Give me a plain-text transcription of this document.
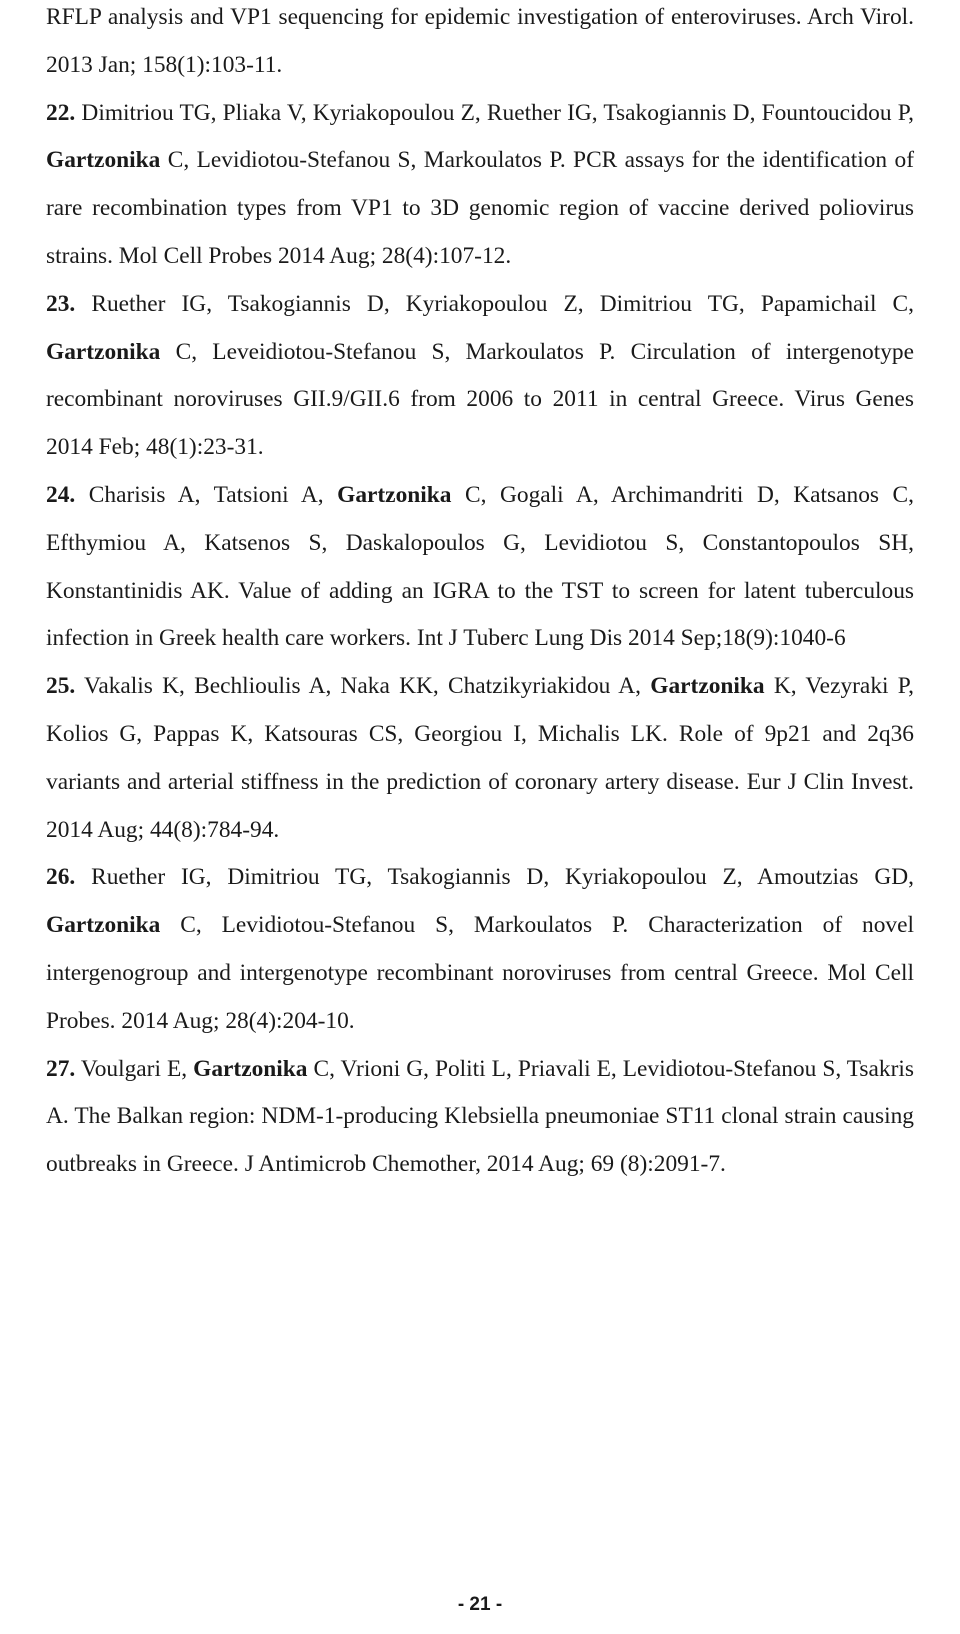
RFLP analysis and VP1 sequencing for epidemic investigation of enteroviruses. Arch Virol. 2013 Jan; 158(1):103-11.

22. Dimitriou TG, Pliaka V, Kyriakopoulou Z, Ruether IG, Tsakogiannis D, Fountoucidou P, Gartzonika C, Levidiotou-Stefanou S, Markoulatos P. PCR assays for the identification of rare recombination types from VP1 to 3D genomic region of vaccine derived poliovirus strains. Mol Cell Probes 2014 Aug; 28(4):107-12.

23. Ruether IG, Tsakogiannis D, Kyriakopoulou Z, Dimitriou TG, Papamichail C, Gartzonika C, Leveidiotou-Stefanou S, Markoulatos P. Circulation of intergenotype recombinant noroviruses GII.9/GII.6 from 2006 to 2011 in central Greece. Virus Genes 2014 Feb; 48(1):23-31.

24. Charisis A, Tatsioni A, Gartzonika C, Gogali A, Archimandriti D, Katsanos C, Efthymiou A, Katsenos S, Daskalopoulos G, Levidiotou S, Constantopoulos SH, Konstantinidis AK. Value of adding an IGRA to the TST to screen for latent tuberculous infection in Greek health care workers. Int J Tuberc Lung Dis 2014 Sep;18(9):1040-6

25. Vakalis K, Bechlioulis A, Naka KK, Chatzikyriakidou A, Gartzonika K, Vezyraki P, Kolios G, Pappas K, Katsouras CS, Georgiou I, Michalis LK. Role of 9p21 and 2q36 variants and arterial stiffness in the prediction of coronary artery disease. Eur J Clin Invest. 2014 Aug; 44(8):784-94.

26. Ruether IG, Dimitriou TG, Tsakogiannis D, Kyriakopoulou Z, Amoutzias GD, Gartzonika C, Levidiotou-Stefanou S, Markoulatos P. Characterization of novel intergenogroup and intergenotype recombinant noroviruses from central Greece. Mol Cell Probes. 2014 Aug; 28(4):204-10.

27. Voulgari E, Gartzonika C, Vrioni G, Politi L, Priavali E, Levidiotou-Stefanou S, Tsakris A. The Balkan region: NDM-1-producing Klebsiella pneumoniae ST11 clonal strain causing outbreaks in Greece. J Antimicrob Chemother, 2014 Aug; 69 (8):2091-7.

- 21 -
